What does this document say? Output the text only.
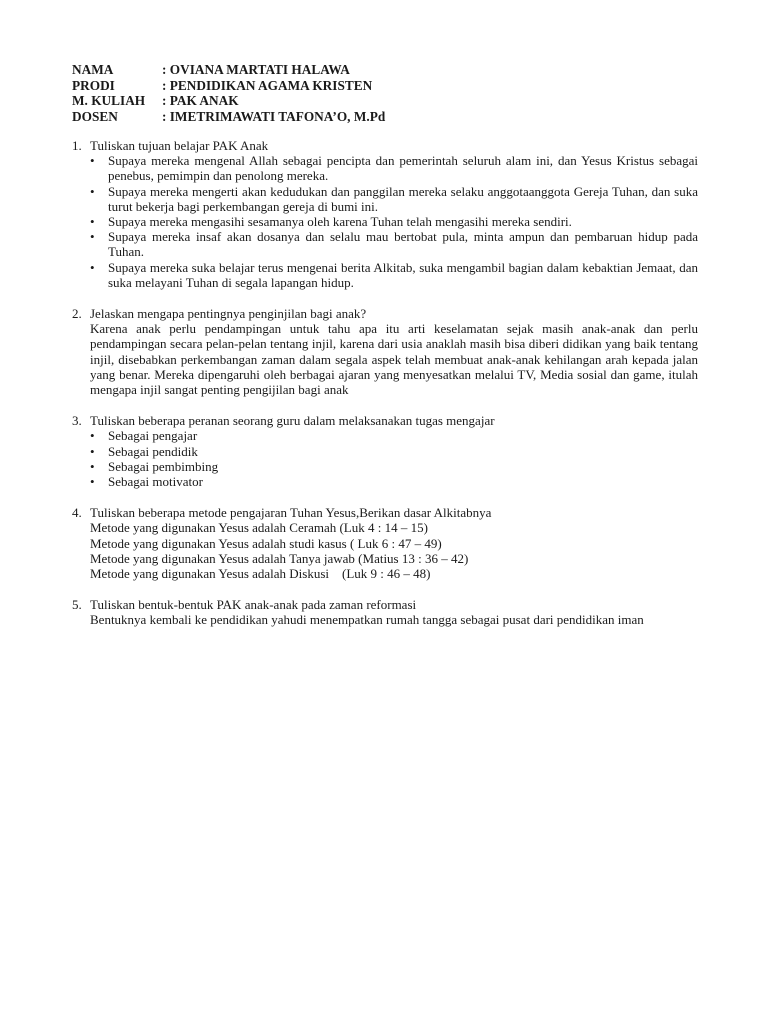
NAMA	: OVIANA MARTATI HALAWA
PRODI	: PENDIDIKAN AGAMA KRISTEN
M. KULIAH	: PAK ANAK
DOSEN	: IMETRIMAWATI TAFONA’O, M.Pd
1. Tuliskan tujuan belajar PAK Anak
• Supaya mereka mengenal Allah sebagai pencipta dan pemerintah seluruh alam ini, dan Yesus Kristus sebagai penebus, pemimpin dan penolong mereka.
• Supaya mereka mengerti akan kedudukan dan panggilan mereka selaku anggotaanggota Gereja Tuhan, dan suka turut bekerja bagi perkembangan gereja di bumi ini.
• Supaya mereka mengasihi sesamanya oleh karena Tuhan telah mengasihi mereka sendiri.
• Supaya mereka insaf akan dosanya dan selalu mau bertobat pula, minta ampun dan pembaruan hidup pada Tuhan.
• Supaya mereka suka belajar terus mengenai berita Alkitab, suka mengambil bagian dalam kebaktian Jemaat, dan suka melayani Tuhan di segala lapangan hidup.
2. Jelaskan mengapa pentingnya penginjilan bagi anak?
Karena anak perlu pendampingan untuk tahu apa itu arti keselamatan sejak masih anak-anak dan perlu pendampingan secara pelan-pelan tentang injil, karena dari usia anaklah masih bisa diberi didikan yang baik tentang injil, disebabkan perkembangan zaman dalam segala aspek telah membuat anak-anak kehilangan arah kepada jalan yang benar. Mereka dipengaruhi oleh berbagai ajaran yang menyesatkan melalui TV, Media sosial dan game, itulah mengapa injil sangat penting pengijilan bagi anak
3. Tuliskan beberapa peranan seorang guru dalam melaksanakan tugas mengajar
• Sebagai pengajar
• Sebagai pendidik
• Sebagai pembimbing
• Sebagai motivator
4. Tuliskan beberapa metode pengajaran Tuhan Yesus,Berikan dasar Alkitabnya
Metode yang digunakan Yesus adalah Ceramah (Luk 4 : 14 – 15)
Metode yang digunakan Yesus adalah studi kasus ( Luk 6 : 47 – 49)
Metode yang digunakan Yesus adalah Tanya jawab (Matius 13 : 36 – 42)
Metode yang digunakan Yesus adalah Diskusi    (Luk 9 : 46 – 48)
5. Tuliskan bentuk-bentuk PAK anak-anak pada zaman reformasi
Bentuknya kembali ke pendidikan yahudi menempatkan rumah tangga sebagai pusat dari pendidikan iman
